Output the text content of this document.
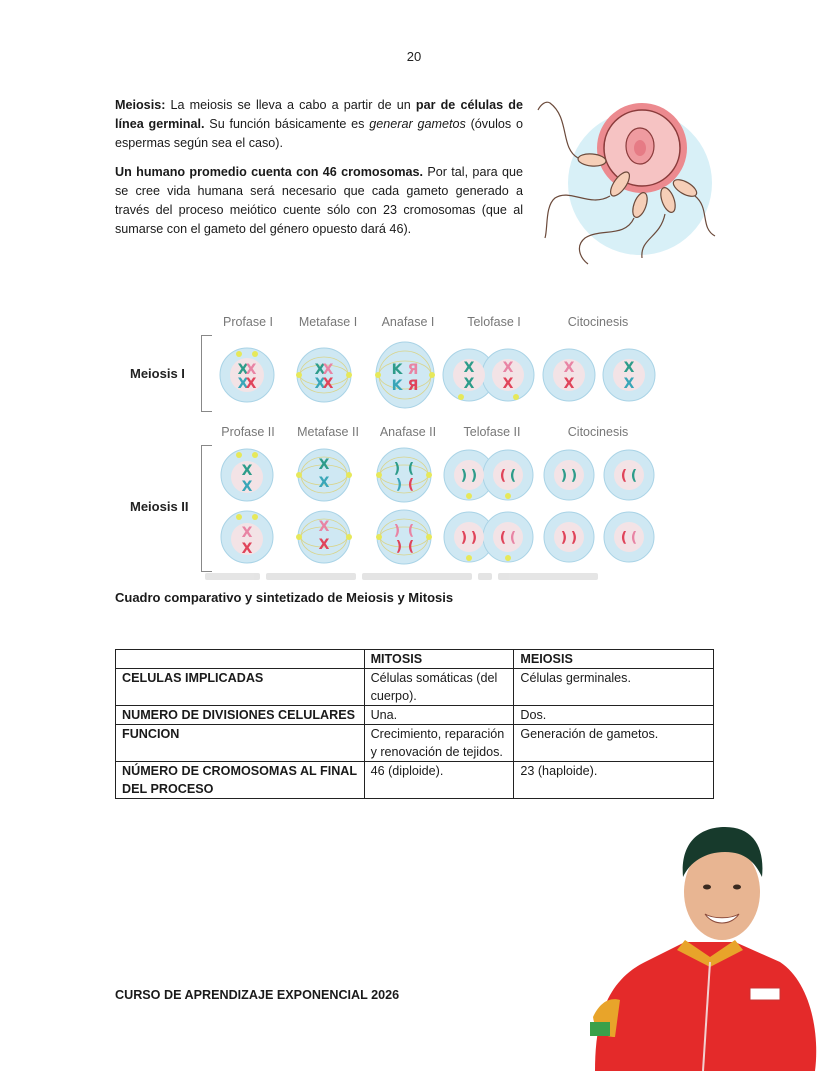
20

Meiosis: La meiosis se lleva a cabo a partir de un par de células de línea germinal. Su función básicamente es generar gametos (óvulos o espermas según sea el caso).

Un humano promedio cuenta con 46 cromosomas. Por tal, para que se cree vida humana será necesario que cada gameto generado a través del proceso meiótico cuente sólo con 23 cromosomas (que al sumarse con el gameto del género opuesto dará 46).

Profase I	Metafase I	Anafase I	Telofase I	Citocinesis
Meiosis I	X
X
X
X
X
X
X
X
K Я
K Я
X
X
X
X
X
X
X
X
Profase II	Metafase II	Anafase II	Telofase II	Citocinesis
Meiosis II
X
X
X
X
) (
) (
) ) ( (	) )	( (
X
X
X
X
) (
) (
) ) ( (	) )	( (
Cuadro comparativo y sintetizado de Meiosis y Mitosis
	MITOSIS	MEIOSIS
CELULAS IMPLICADAS	Células somáticas (del cuerpo).	Células germinales.
NUMERO DE DIVISIONES CELULARES	Una.	Dos.
FUNCION	Crecimiento, reparación y renovación de tejidos.	Generación de gametos.
NÚMERO DE CROMOSOMAS AL FINAL DEL PROCESO	46 (diploide).	23 (haploide).
CURSO DE APRENDIZAJE EXPONENCIAL 2026
